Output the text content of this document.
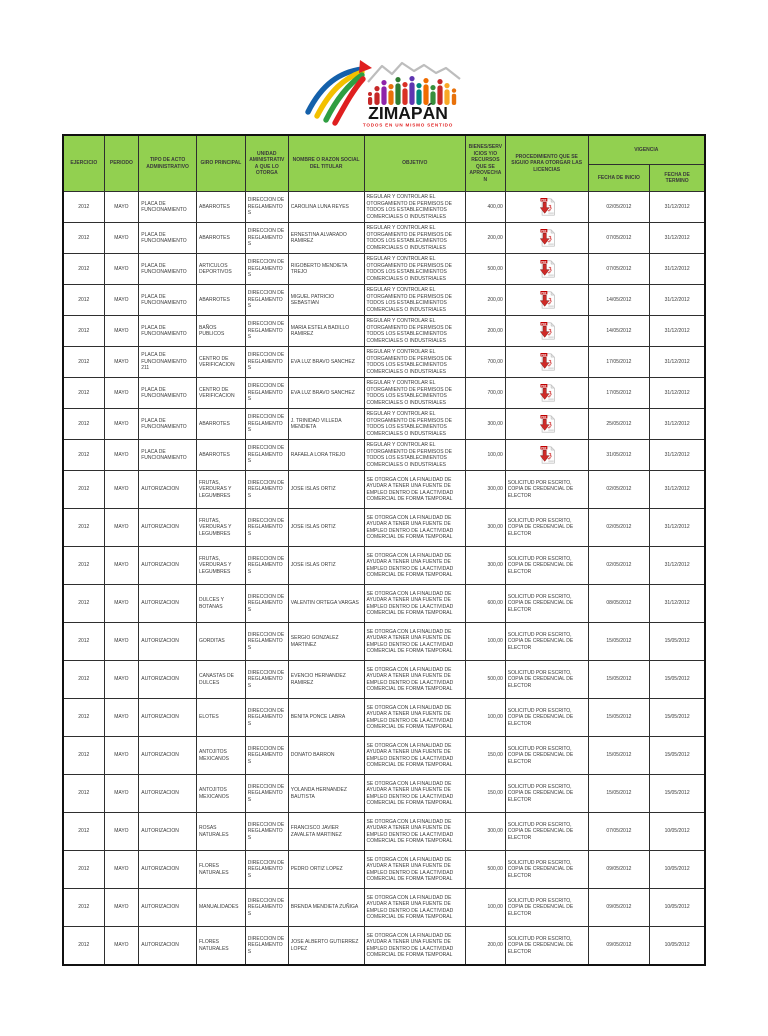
ZIMAPÁN
TODOS EN UN MISMO SENTIDO
EJERCICIO	PERIODO	TIPO DE ACTO ADMINISTRATIVO	GIRO PRINCIPAL	UNIDAD AMINISTRATIVA QUE LO OTORGA	NOMBRE O RAZON SOCIAL DEL TITULAR	OBJETIVO	BIENES/SERVICIOS Y/O RECURSOS QUE SE APROVECHAN	PROCEDIMIENTO QUE SE SIGUIO PARA OTORGAR LAS LICENCIAS	VIGENCIA	
									FECHA DE INICIO	FECHA DE TERMINO
2012	MAYO	PLACA DE FUNCIONAMIENTO	ABARROTES	DIRECCION DE REGLAMENTOS	CAROLINA LUNA REYES	REGULAR Y CONTROLAR EL OTORGAMIENTO DE PERMISOS DE TODOS LOS ESTABLECIMIENTOS COMERCIALES O INDUSTRIALES	400,00	PDF	02/05/2012	31/12/2012
2012	MAYO	PLACA DE FUNCIONAMIENTO	ABARROTES	DIRECCION DE REGLAMENTOS	ERNESTINA ALVARADO RAMIREZ	REGULAR Y CONTROLAR EL OTORGAMIENTO DE PERMISOS DE TODOS LOS ESTABLECIMIENTOS COMERCIALES O INDUSTRIALES	200,00	PDF	07/05/2012	31/12/2012
2012	MAYO	PLACA DE FUNCIONAMIENTO	ARTICULOS DEPORTIVOS	DIRECCION DE REGLAMENTOS	RIGOBERTO MENDIETA TREJO	REGULAR Y CONTROLAR EL OTORGAMIENTO DE PERMISOS DE TODOS LOS ESTABLECIMIENTOS COMERCIALES O INDUSTRIALES	500,00	PDF	07/05/2012	31/12/2012
2012	MAYO	PLACA DE FUNCIONAMIENTO	ABARROTES	DIRECCION DE REGLAMENTOS	MIGUEL PATRICIO SEBASTIAN	REGULAR Y CONTROLAR EL OTORGAMIENTO DE PERMISOS DE TODOS LOS ESTABLECIMIENTOS COMERCIALES O INDUSTRIALES	200,00	PDF	14/05/2012	31/12/2012
2012	MAYO	PLACA DE FUNCIONAMIENTO	BAÑOS PUBLICOS	DIRECCION DE REGLAMENTOS	MARIA ESTELA BADILLO RAMIREZ	REGULAR Y CONTROLAR EL OTORGAMIENTO DE PERMISOS DE TODOS LOS ESTABLECIMIENTOS COMERCIALES O INDUSTRIALES	200,00	PDF	14/05/2012	31/12/2012
2012	MAYO	PLACA DE FUNCIONAMIENTO 211	CENTRO DE VERIFICACION	DIRECCION DE REGLAMENTOS	EVA LUZ BRAVO SANCHEZ	REGULAR Y CONTROLAR EL OTORGAMIENTO DE PERMISOS DE TODOS LOS ESTABLECIMIENTOS COMERCIALES O INDUSTRIALES	700,00	PDF	17/05/2012	31/12/2012
2012	MAYO	PLACA DE FUNCIONAMIENTO	CENTRO DE VERIFICACION	DIRECCION DE REGLAMENTOS	EVA LUZ BRAVO SANCHEZ	REGULAR Y CONTROLAR EL OTORGAMIENTO DE PERMISOS DE TODOS LOS ESTABLECIMIENTOS COMERCIALES O INDUSTRIALES	700,00	PDF	17/05/2012	31/12/2012
2012	MAYO	PLACA DE FUNCIONAMIENTO	ABARROTES	DIRECCION DE REGLAMENTOS	J. TRINIDAD VILLEDA MENDIETA	REGULAR Y CONTROLAR EL OTORGAMIENTO DE PERMISOS DE TODOS LOS ESTABLECIMIENTOS COMERCIALES O INDUSTRIALES	300,00	PDF	25/05/2012	31/12/2012
2012	MAYO	PLACA DE FUNCIONAMIENTO	ABARROTES	DIRECCION DE REGLAMENTOS	RAFAELA LORA TREJO	REGULAR Y CONTROLAR EL OTORGAMIENTO DE PERMISOS DE TODOS LOS ESTABLECIMIENTOS COMERCIALES O INDUSTRIALES	100,00	PDF	31/05/2012	31/12/2012
2012	MAYO	AUTORIZACION	FRUTAS, VERDURAS Y LEGUMBRES	DIRECCION DE REGLAMENTOS	JOSE ISLAS ORTIZ	SE OTORGA CON LA FINALIDAD DE AYUDAR A TENER UNA FUENTE DE EMPLEO DENTRO DE LA ACTIVIDAD COMERCIAL DE FORMA TEMPORAL	300,00	SOLICITUD POR ESCRITO, COPIA DE CREDENCIAL DE ELECTOR	02/05/2012	31/12/2012
2012	MAYO	AUTORIZACION	FRUTAS, VERDURAS Y LEGUMBRES	DIRECCION DE REGLAMENTOS	JOSE ISLAS ORTIZ	SE OTORGA CON LA FINALIDAD DE AYUDAR A TENER UNA FUENTE DE EMPLEO DENTRO DE LA ACTIVIDAD COMERCIAL DE FORMA TEMPORAL	300,00	SOLICITUD POR ESCRITO, COPIA DE CREDENCIAL DE ELECTOR	02/05/2012	31/12/2012
2012	MAYO	AUTORIZACION	FRUTAS, VERDURAS Y LEGUMBRES	DIRECCION DE REGLAMENTOS	JOSE ISLAS ORTIZ	SE OTORGA CON LA FINALIDAD DE AYUDAR A TENER UNA FUENTE DE EMPLEO DENTRO DE LA ACTIVIDAD COMERCIAL DE FORMA TEMPORAL	300,00	SOLICITUD POR ESCRITO, COPIA DE CREDENCIAL DE ELECTOR	02/05/2012	31/12/2012
2012	MAYO	AUTORIZACION	DULCES Y BOTANAS	DIRECCION DE REGLAMENTOS	VALENTIN ORTEGA VARGAS	SE OTORGA CON LA FINALIDAD DE AYUDAR A TENER UNA FUENTE DE EMPLEO DENTRO DE LA ACTIVIDAD COMERCIAL DE FORMA TEMPORAL	600,00	SOLICITUD POR ESCRITO, COPIA DE CREDENCIAL DE ELECTOR	08/05/2012	31/12/2012
2012	MAYO	AUTORIZACION	GORDITAS	DIRECCION DE REGLAMENTOS	SERGIO GONZALEZ MARTINEZ	SE OTORGA CON LA FINALIDAD DE AYUDAR A TENER UNA FUENTE DE EMPLEO DENTRO DE LA ACTIVIDAD COMERCIAL DE FORMA TEMPORAL	100,00	SOLICITUD POR ESCRITO, COPIA DE CREDENCIAL DE ELECTOR	15/05/2012	15/05/2012
2012	MAYO	AUTORIZACION	CANASTAS DE DULCES	DIRECCION DE REGLAMENTOS	EVENCIO HERNANDEZ RAMIREZ	SE OTORGA CON LA FINALIDAD DE AYUDAR A TENER UNA FUENTE DE EMPLEO DENTRO DE LA ACTIVIDAD COMERCIAL DE FORMA TEMPORAL	500,00	SOLICITUD POR ESCRITO, COPIA DE CREDENCIAL DE ELECTOR	15/05/2012	15/05/2012
2012	MAYO	AUTORIZACION	ELOTES	DIRECCION DE REGLAMENTOS	BENITA PONCE LABRA	SE OTORGA CON LA FINALIDAD DE AYUDAR A TENER UNA FUENTE DE EMPLEO DENTRO DE LA ACTIVIDAD COMERCIAL DE FORMA TEMPORAL	100,00	SOLICITUD POR ESCRITO, COPIA DE CREDENCIAL DE ELECTOR	15/05/2012	15/05/2012
2012	MAYO	AUTORIZACION	ANTOJITOS MEXICANOS	DIRECCION DE REGLAMENTOS	DONATO BARRON	SE OTORGA CON LA FINALIDAD DE AYUDAR A TENER UNA FUENTE DE EMPLEO DENTRO DE LA ACTIVIDAD COMERCIAL DE FORMA TEMPORAL	150,00	SOLICITUD POR ESCRITO, COPIA DE CREDENCIAL DE ELECTOR	15/05/2012	15/05/2012
2012	MAYO	AUTORIZACION	ANTOJITOS MEXICANOS	DIRECCION DE REGLAMENTOS	YOLANDA HERNANDEZ BAUTISTA	SE OTORGA CON LA FINALIDAD DE AYUDAR A TENER UNA FUENTE DE EMPLEO DENTRO DE LA ACTIVIDAD COMERCIAL DE FORMA TEMPORAL	150,00	SOLICITUD POR ESCRITO, COPIA DE CREDENCIAL DE ELECTOR	15/05/2012	15/05/2012
2012	MAYO	AUTORIZACION	ROSAS NATURALES	DIRECCION DE REGLAMENTOS	FRANCISCO JAVIER ZAVALETA MARTINEZ	SE OTORGA CON LA FINALIDAD DE AYUDAR A TENER UNA FUENTE DE EMPLEO DENTRO DE LA ACTIVIDAD COMERCIAL DE FORMA TEMPORAL	300,00	SOLICITUD POR ESCRITO, COPIA DE CREDENCIAL DE ELECTOR	07/05/2012	10/05/2012
2012	MAYO	AUTORIZACION	FLORES NATURALES	DIRECCION DE REGLAMENTOS	PEDRO ORTIZ LOPEZ	SE OTORGA CON LA FINALIDAD DE AYUDAR A TENER UNA FUENTE DE EMPLEO DENTRO DE LA ACTIVIDAD COMERCIAL DE FORMA TEMPORAL	500,00	SOLICITUD POR ESCRITO, COPIA DE CREDENCIAL DE ELECTOR	09/05/2012	10/05/2012
2012	MAYO	AUTORIZACION	MANUALIDADES	DIRECCION DE REGLAMENTOS	BRENDA MENDIETA ZUÑIGA	SE OTORGA CON LA FINALIDAD DE AYUDAR A TENER UNA FUENTE DE EMPLEO DENTRO DE LA ACTIVIDAD COMERCIAL DE FORMA TEMPORAL	100,00	SOLICITUD POR ESCRITO, COPIA DE CREDENCIAL DE ELECTOR	09/05/2012	10/05/2012
2012	MAYO	AUTORIZACION	FLORES NATURALES	DIRECCION DE REGLAMENTOS	JOSE ALBERTO GUTIERREZ LOPEZ	SE OTORGA CON LA FINALIDAD DE AYUDAR A TENER UNA FUENTE DE EMPLEO DENTRO DE LA ACTIVIDAD COMERCIAL DE FORMA TEMPORAL	200,00	SOLICITUD POR ESCRITO, COPIA DE CREDENCIAL DE ELECTOR	09/05/2012	10/05/2012
